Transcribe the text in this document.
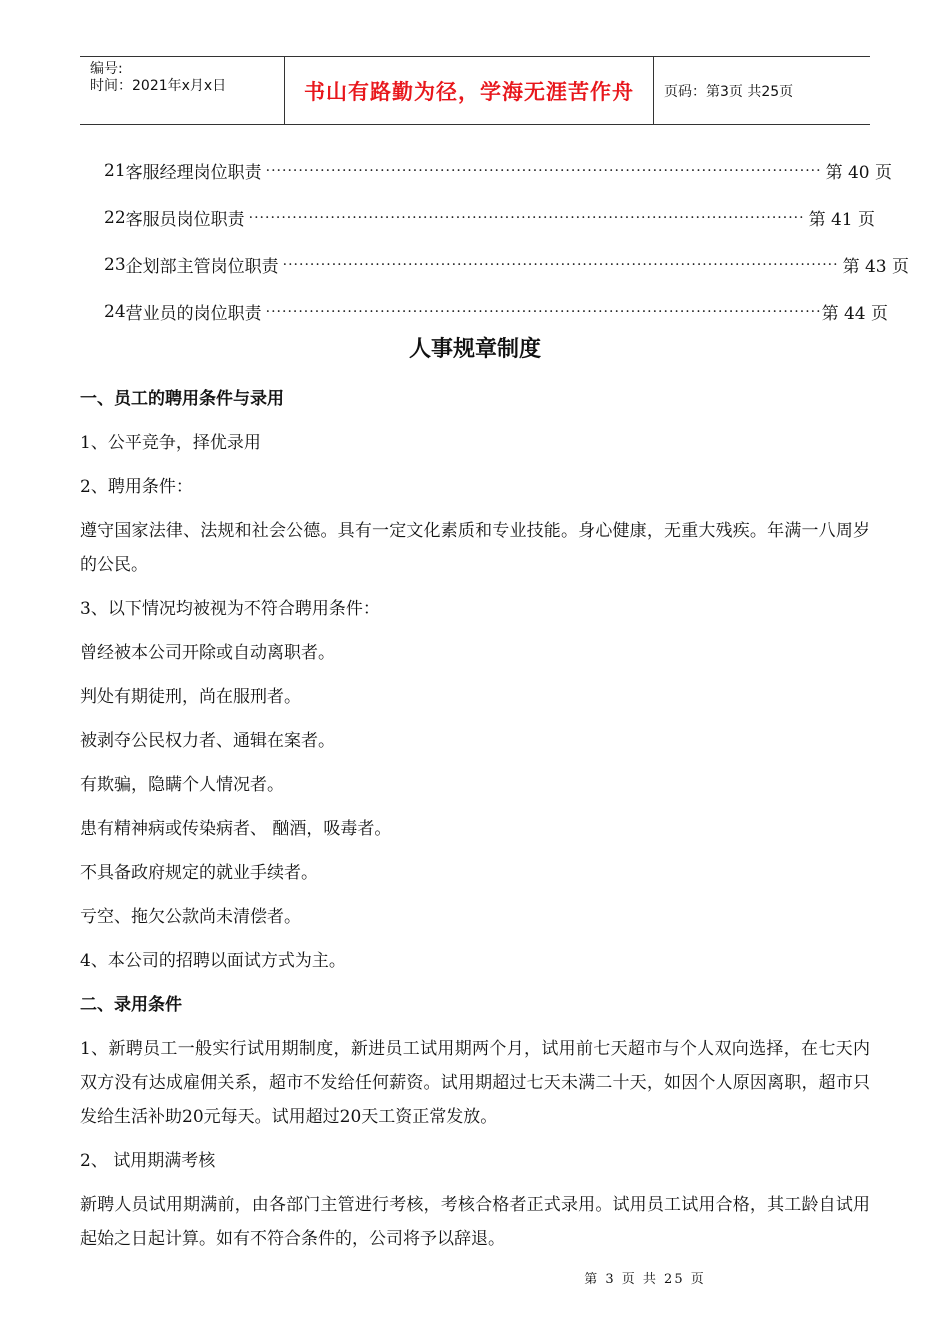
编号:
时间：2021年x月x日	书山有路勤为径，学海无涯苦作舟	页码：第3页 共25页
21 客服经理岗位职责 ······································································································ 第 40 页
22 客服员岗位职责 ······································································································ 第 41 页
23 企划部主管岗位职责 ······································································································ 第 43 页
24 营业员的岗位职责 ······································································································ 第 44 页
人事规章制度

一、员工的聘用条件与录用

1、公平竞争，择优录用

2、聘用条件：

遵守国家法律、法规和社会公德。具有一定文化素质和专业技能。身心健康，无重大残疾。年满一八周岁的公民。

3、以下情况均被视为不符合聘用条件：

曾经被本公司开除或自动离职者。

判处有期徒刑，尚在服刑者。

被剥夺公民权力者、通辑在案者。

有欺骗，隐瞒个人情况者。

患有精神病或传染病者、 酗酒，吸毒者。

不具备政府规定的就业手续者。

亏空、拖欠公款尚未清偿者。

4、本公司的招聘以面试方式为主。

二、录用条件

1、新聘员工一般实行试用期制度，新进员工试用期两个月，试用前七天超市与个人双向选择，在七天内双方没有达成雇佣关系，超市不发给任何薪资。试用期超过七天未满二十天，如因个人原因离职，超市只发给生活补助20元每天。试用超过20天工资正常发放。

2、 试用期满考核

新聘人员试用期满前，由各部门主管进行考核，考核合格者正式录用。试用员工试用合格，其工龄自试用起始之日起计算。如有不符合条件的，公司将予以辞退。

第 3 页 共 25 页
